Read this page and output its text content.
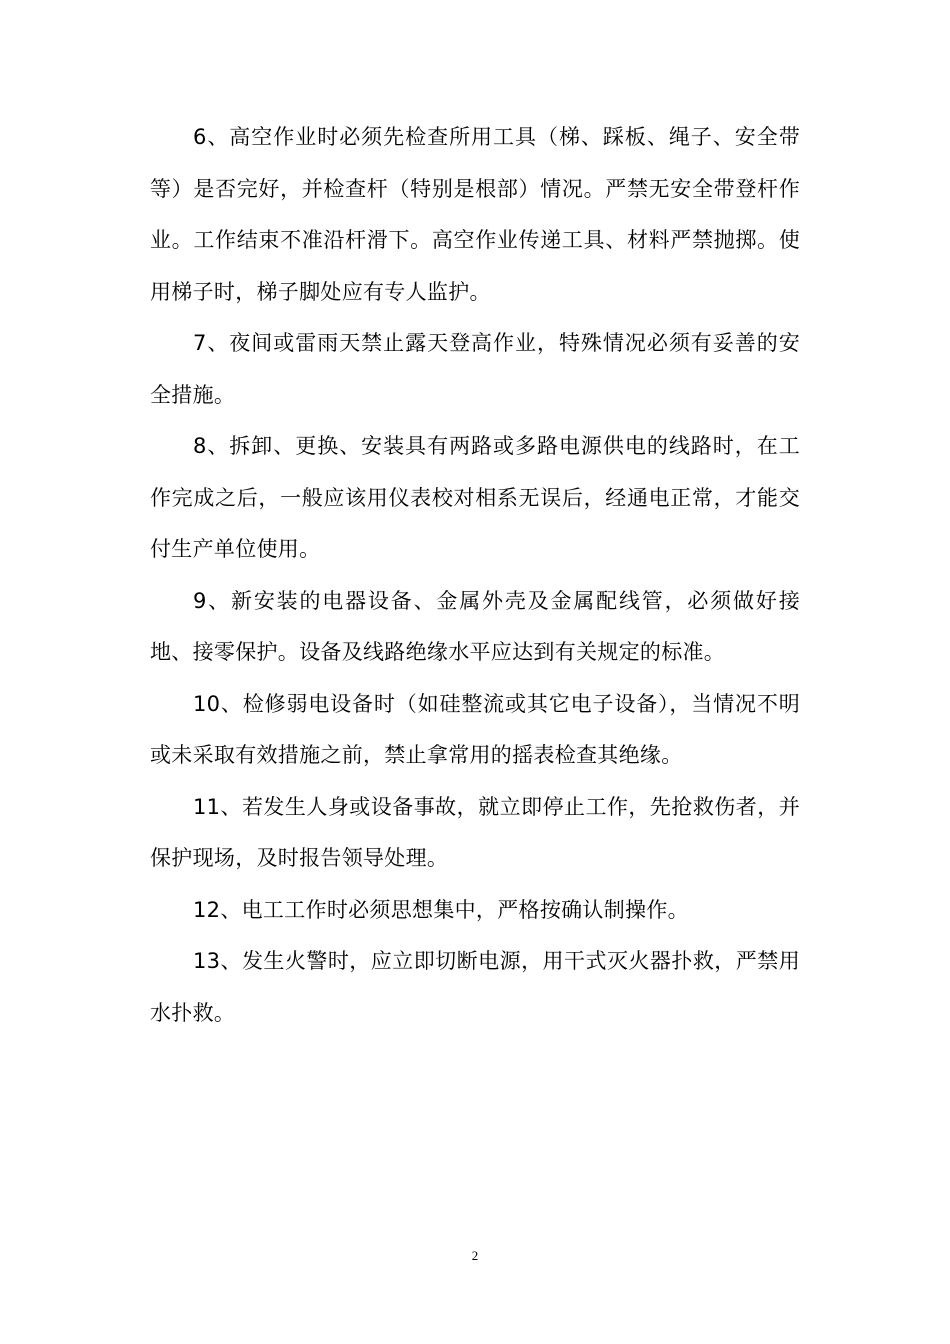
6、高空作业时必须先检查所用工具（梯、踩板、绳子、安全带等）是否完好，并检查杆（特别是根部）情况。严禁无安全带登杆作业。工作结束不准沿杆滑下。高空作业传递工具、材料严禁抛掷。使用梯子时，梯子脚处应有专人监护。

7、夜间或雷雨天禁止露天登高作业，特殊情况必须有妥善的安全措施。

8、拆卸、更换、安装具有两路或多路电源供电的线路时，在工作完成之后，一般应该用仪表校对相系无误后，经通电正常，才能交付生产单位使用。

9、新安装的电器设备、金属外壳及金属配线管，必须做好接地、接零保护。设备及线路绝缘水平应达到有关规定的标准。

10、检修弱电设备时（如硅整流或其它电子设备），当情况不明或未采取有效措施之前，禁止拿常用的摇表检查其绝缘。

11、若发生人身或设备事故，就立即停止工作，先抢救伤者，并保护现场，及时报告领导处理。

12、电工工作时必须思想集中，严格按确认制操作。

13、发生火警时，应立即切断电源，用干式灭火器扑救，严禁用水扑救。

2
